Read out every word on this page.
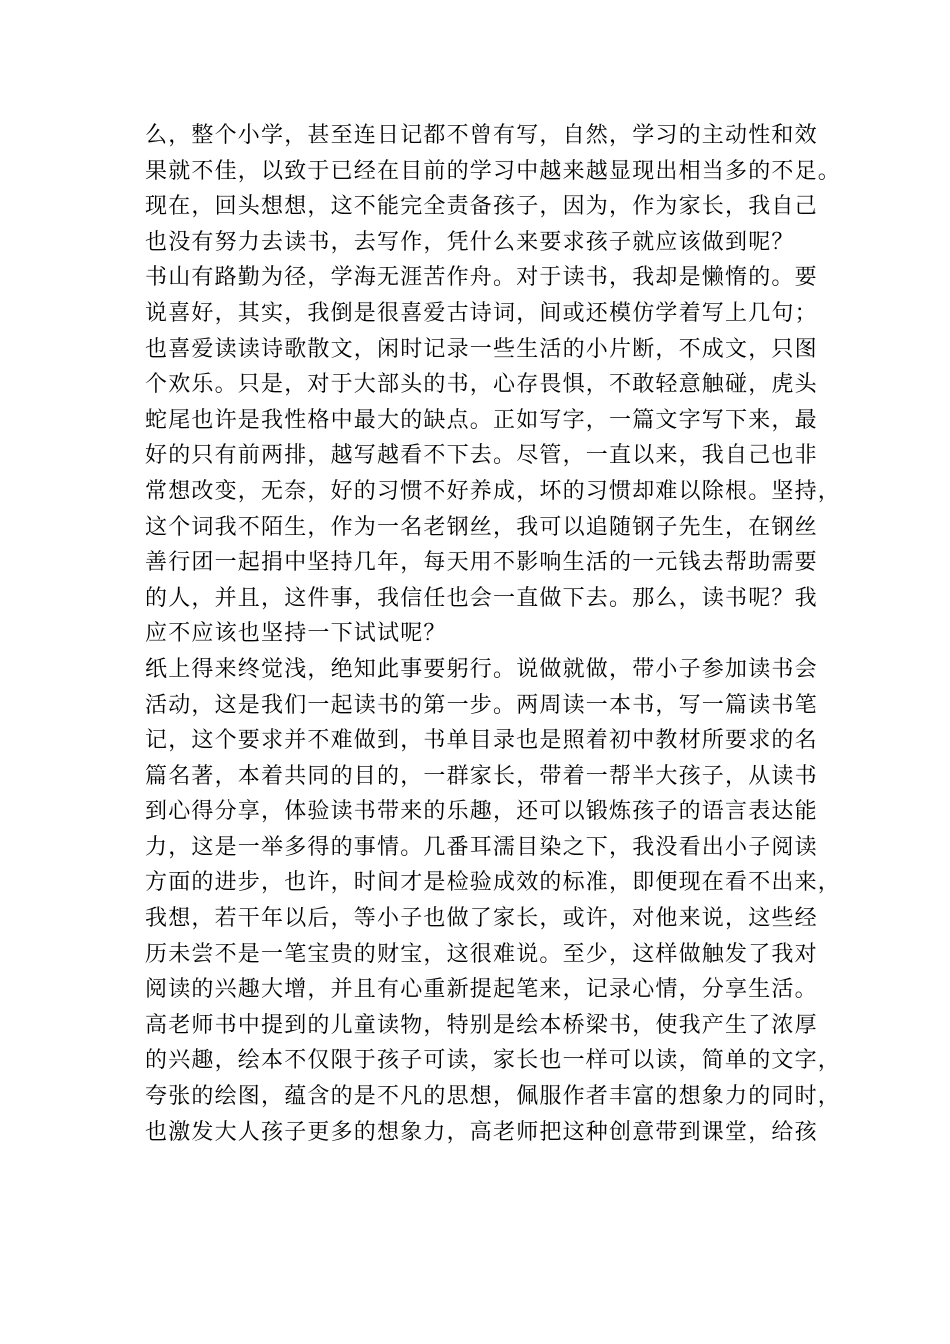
么，整个小学，甚至连日记都不曾有写，自然，学习的主动性和效
果就不佳，以致于已经在目前的学习中越来越显现出相当多的不足。
现在，回头想想，这不能完全责备孩子，因为，作为家长，我自己
也没有努力去读书，去写作，凭什么来要求孩子就应该做到呢？
书山有路勤为径，学海无涯苦作舟。对于读书，我却是懒惰的。要
说喜好，其实，我倒是很喜爱古诗词，间或还模仿学着写上几句；
也喜爱读读诗歌散文，闲时记录一些生活的小片断，不成文，只图
个欢乐。只是，对于大部头的书，心存畏惧，不敢轻意触碰，虎头
蛇尾也许是我性格中最大的缺点。正如写字，一篇文字写下来，最
好的只有前两排，越写越看不下去。尽管，一直以来，我自己也非
常想改变，无奈，好的习惯不好养成，坏的习惯却难以除根。坚持，
这个词我不陌生，作为一名老钢丝，我可以追随钢子先生，在钢丝
善行团一起捐中坚持几年，每天用不影响生活的一元钱去帮助需要
的人，并且，这件事，我信任也会一直做下去。那么，读书呢？我
应不应该也坚持一下试试呢？
纸上得来终觉浅，绝知此事要躬行。说做就做，带小子参加读书会
活动，这是我们一起读书的第一步。两周读一本书，写一篇读书笔
记，这个要求并不难做到，书单目录也是照着初中教材所要求的名
篇名著，本着共同的目的，一群家长，带着一帮半大孩子，从读书
到心得分享，体验读书带来的乐趣，还可以锻炼孩子的语言表达能
力，这是一举多得的事情。几番耳濡目染之下，我没看出小子阅读
方面的进步，也许，时间才是检验成效的标准，即便现在看不出来，
我想，若干年以后，等小子也做了家长，或许，对他来说，这些经
历未尝不是一笔宝贵的财宝，这很难说。至少，这样做触发了我对
阅读的兴趣大增，并且有心重新提起笔来，记录心情，分享生活。
高老师书中提到的儿童读物，特别是绘本桥梁书，使我产生了浓厚
的兴趣，绘本不仅限于孩子可读，家长也一样可以读，简单的文字，
夸张的绘图，蕴含的是不凡的思想，佩服作者丰富的想象力的同时，
也激发大人孩子更多的想象力，高老师把这种创意带到课堂，给孩
